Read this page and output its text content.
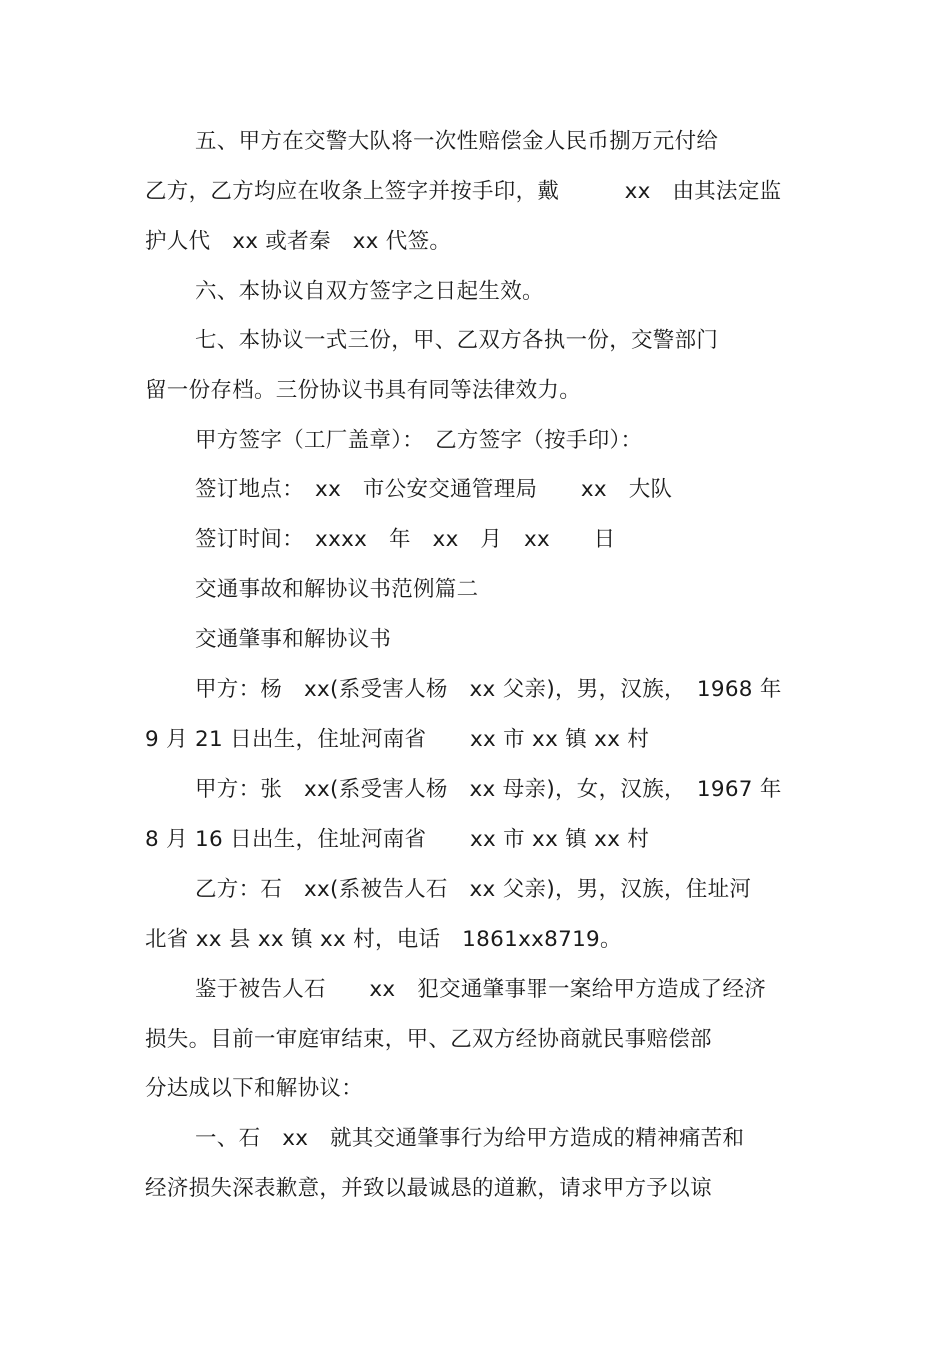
五、甲方在交警大队将一次性赔偿金人民币捌万元付给
乙方，乙方均应在收条上签字并按手印，戴　　　xx　由其法定监
护人代　xx 或者秦　xx 代签。
六、本协议自双方签字之日起生效。
七、本协议一式三份，甲、乙双方各执一份，交警部门
留一份存档。三份协议书具有同等法律效力。
甲方签字（工厂盖章）：　乙方签字（按手印）：
签订地点：　xx　市公安交通管理局　　xx　大队
签订时间：　xxxx　年　xx　月　xx　　日
交通事故和解协议书范例篇二
交通肇事和解协议书
甲方：杨　xx(系受害人杨　xx 父亲)，男，汉族，　1968 年
9 月 21 日出生，住址河南省　　xx 市 xx 镇 xx 村
甲方：张　xx(系受害人杨　xx 母亲)，女，汉族，　1967 年
8 月 16 日出生，住址河南省　　xx 市 xx 镇 xx 村
乙方：石　xx(系被告人石　xx 父亲)，男，汉族，住址河
北省 xx 县 xx 镇 xx 村，电话　1861xx8719。
鉴于被告人石　　xx　犯交通肇事罪一案给甲方造成了经济
损失。目前一审庭审结束，甲、乙双方经协商就民事赔偿部
分达成以下和解协议：
一、石　xx　就其交通肇事行为给甲方造成的精神痛苦和
经济损失深表歉意，并致以最诚恳的道歉，请求甲方予以谅
